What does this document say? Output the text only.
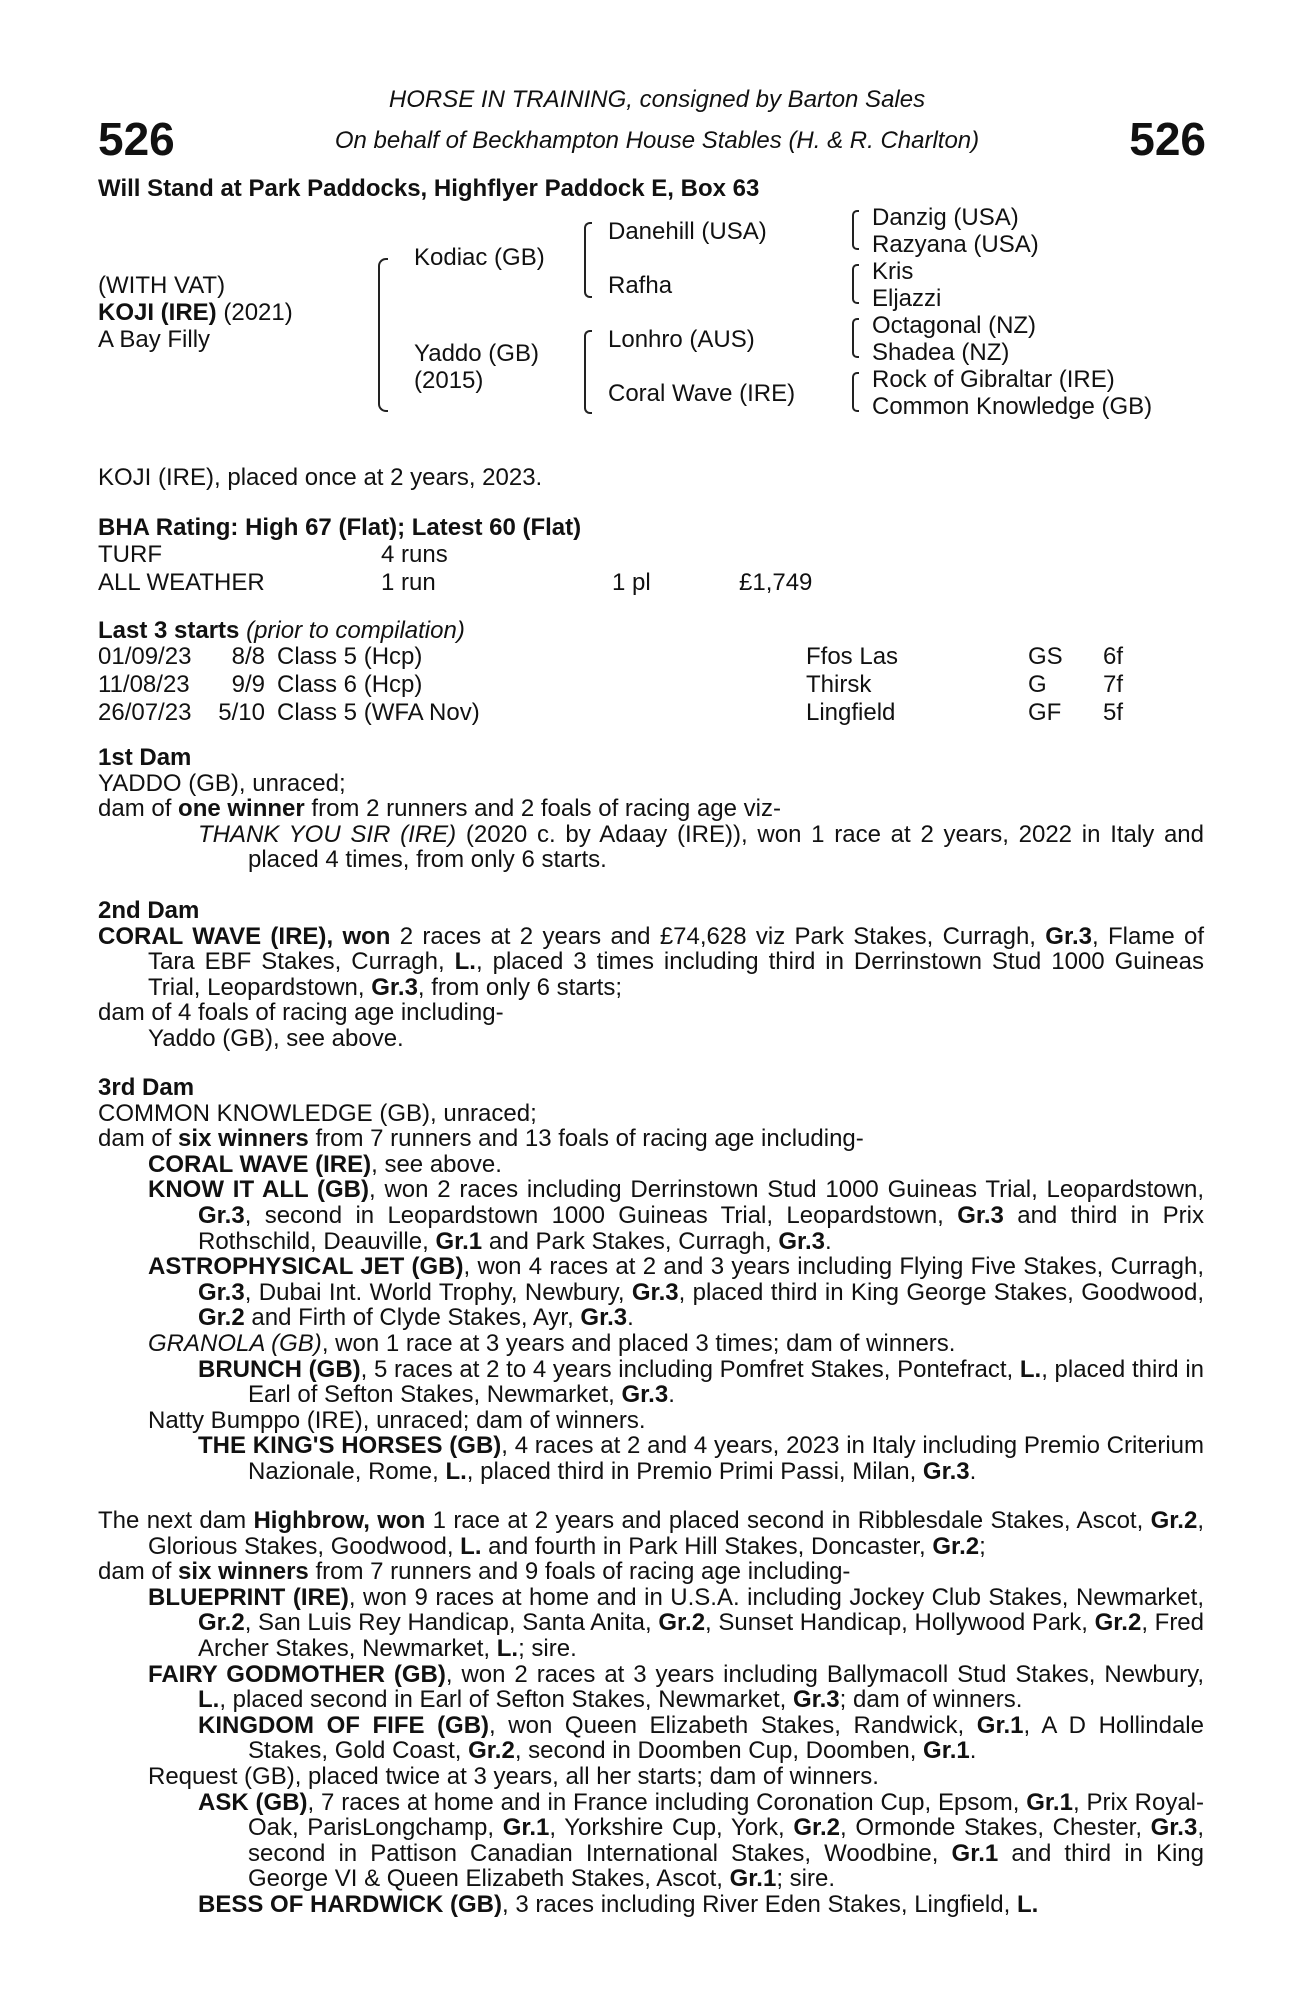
526	526
HORSE IN TRAINING, consigned by Barton Sales
On behalf of Beckhampton House Stables (H. & R. Charlton)
Will Stand at Park Paddocks, Highflyer Paddock E, Box 63
(WITH VAT)
KOJI (IRE) (2021)
A Bay Filly
Kodiac (GB)
Yaddo (GB)
(2015)
Danehill (USA)
Rafha
Lonhro (AUS)
Coral Wave (IRE)
Danzig (USA)
Razyana (USA)
Kris
Eljazzi
Octagonal (NZ)
Shadea (NZ)
Rock of Gibraltar (IRE)
Common Knowledge (GB)
KOJI (IRE), placed once at 2 years, 2023.
BHA Rating: High 67 (Flat); Latest 60 (Flat)
TURF	4 runs		
ALL WEATHER	1 run	1 pl	£1,749
Last 3 starts (prior to compilation)
01/09/23	8/8	Class 5 (Hcp)	Ffos Las	GS	6f
11/08/23	9/9	Class 6 (Hcp)	Thirsk	G	7f
26/07/23	5/10	Class 5 (WFA Nov)	Lingfield	GF	5f

1st Dam

YADDO (GB), unraced;

dam of one winner from 2 runners and 2 foals of racing age viz-

THANK YOU SIR (IRE) (2020 c. by Adaay (IRE)), won 1 race at 2 years, 2022 in Italy and placed 4 times, from only 6 starts.

2nd Dam

CORAL WAVE (IRE), won 2 races at 2 years and £74,628 viz Park Stakes, Curragh, Gr.3, Flame of Tara EBF Stakes, Curragh, L., placed 3 times including third in Derrinstown Stud 1000 Guineas Trial, Leopardstown, Gr.3, from only 6 starts;

dam of 4 foals of racing age including-

Yaddo (GB), see above.

3rd Dam

COMMON KNOWLEDGE (GB), unraced;

dam of six winners from 7 runners and 13 foals of racing age including-

CORAL WAVE (IRE), see above.

KNOW IT ALL (GB), won 2 races including Derrinstown Stud 1000 Guineas Trial, Leopardstown, Gr.3, second in Leopardstown 1000 Guineas Trial, Leopardstown, Gr.3 and third in Prix Rothschild, Deauville, Gr.1 and Park Stakes, Curragh, Gr.3.

ASTROPHYSICAL JET (GB), won 4 races at 2 and 3 years including Flying Five Stakes, Curragh, Gr.3, Dubai Int. World Trophy, Newbury, Gr.3, placed third in King George Stakes, Goodwood, Gr.2 and Firth of Clyde Stakes, Ayr, Gr.3.

GRANOLA (GB), won 1 race at 3 years and placed 3 times; dam of winners.

BRUNCH (GB), 5 races at 2 to 4 years including Pomfret Stakes, Pontefract, L., placed third in Earl of Sefton Stakes, Newmarket, Gr.3.

Natty Bumppo (IRE), unraced; dam of winners.

THE KING'S HORSES (GB), 4 races at 2 and 4 years, 2023 in Italy including Premio Criterium Nazionale, Rome, L., placed third in Premio Primi Passi, Milan, Gr.3.

The next dam Highbrow, won 1 race at 2 years and placed second in Ribblesdale Stakes, Ascot, Gr.2, Glorious Stakes, Goodwood, L. and fourth in Park Hill Stakes, Doncaster, Gr.2;

dam of six winners from 7 runners and 9 foals of racing age including-

BLUEPRINT (IRE), won 9 races at home and in U.S.A. including Jockey Club Stakes, Newmarket, Gr.2, San Luis Rey Handicap, Santa Anita, Gr.2, Sunset Handicap, Hollywood Park, Gr.2, Fred Archer Stakes, Newmarket, L.; sire.

FAIRY GODMOTHER (GB), won 2 races at 3 years including Ballymacoll Stud Stakes, Newbury, L., placed second in Earl of Sefton Stakes, Newmarket, Gr.3; dam of winners.

KINGDOM OF FIFE (GB), won Queen Elizabeth Stakes, Randwick, Gr.1, A D Hollindale Stakes, Gold Coast, Gr.2, second in Doomben Cup, Doomben, Gr.1.

Request (GB), placed twice at 3 years, all her starts; dam of winners.

ASK (GB), 7 races at home and in France including Coronation Cup, Epsom, Gr.1, Prix Royal-Oak, ParisLongchamp, Gr.1, Yorkshire Cup, York, Gr.2, Ormonde Stakes, Chester, Gr.3, second in Pattison Canadian International Stakes, Woodbine, Gr.1 and third in King George VI & Queen Elizabeth Stakes, Ascot, Gr.1; sire.

BESS OF HARDWICK (GB), 3 races including River Eden Stakes, Lingfield, L.
